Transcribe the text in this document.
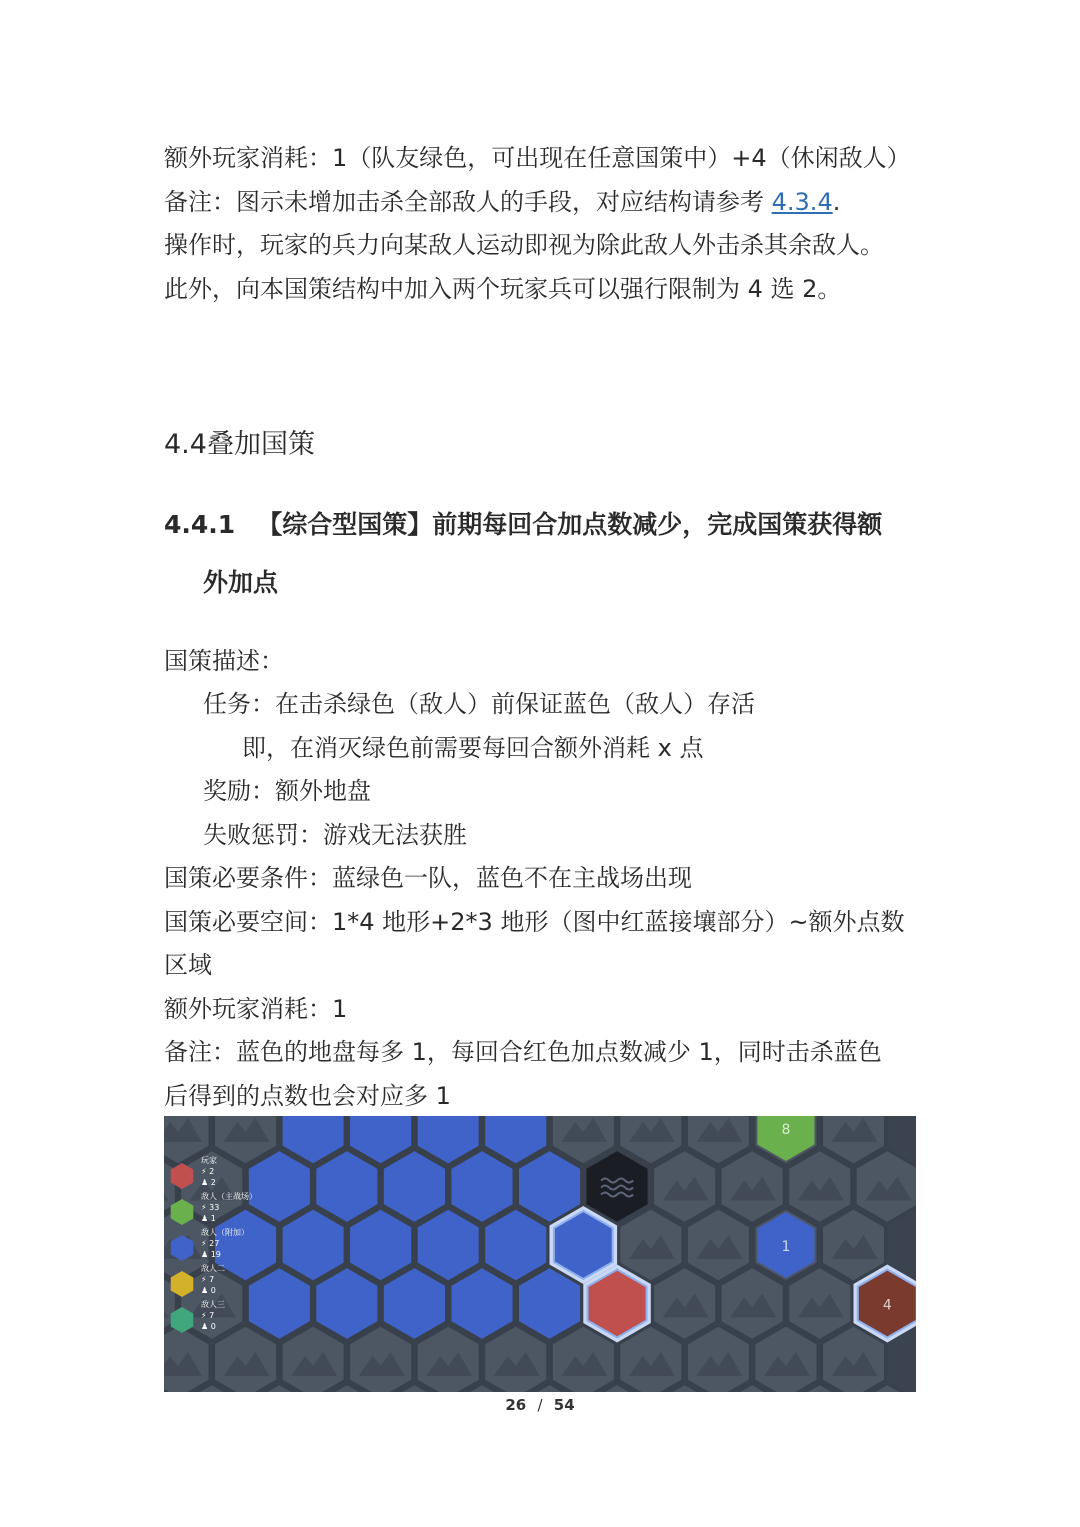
额外玩家消耗：1（队友绿色，可出现在任意国策中）+4（休闲敌人）
备注：图示未增加击杀全部敌人的手段，对应结构请参考 4.3.4.
操作时，玩家的兵力向某敌人运动即视为除此敌人外击杀其余敌人。
此外，向本国策结构中加入两个玩家兵可以强行限制为 4 选 2。
4.4叠加国策
4.4.1 【综合型国策】前期每回合加点数减少，完成国策获得额
外加点
国策描述：
任务：在击杀绿色（敌人）前保证蓝色（敌人）存活
即，在消灭绿色前需要每回合额外消耗 x 点
奖励：额外地盘
失败惩罚：游戏无法获胜
国策必要条件：蓝绿色一队，蓝色不在主战场出现
国策必要空间：1*4 地形+2*3 地形（图中红蓝接壤部分）~额外点数
区域
额外玩家消耗：1
备注：蓝色的地盘每多 1，每回合红色加点数减少 1，同时击杀蓝色
后得到的点数也会对应多 1
8
1
4
玩家
⚡ 2
♟ 2
敌人（主战场）
⚡ 33
♟ 1
敌人（附加）
⚡ 27
♟ 19
敌人二
⚡ 7
♟ 0
敌人三
⚡ 7
♟ 0
26 / 54
